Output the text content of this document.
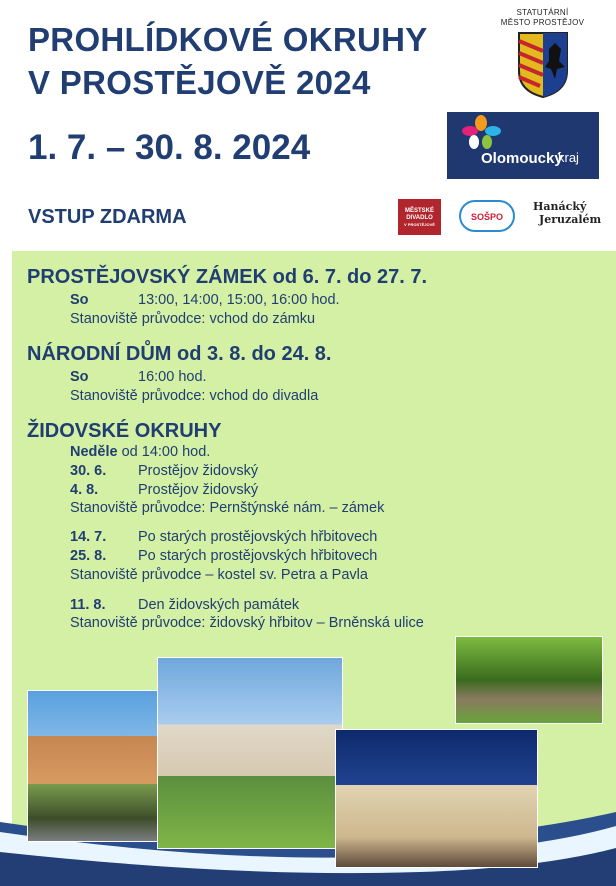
PROHLÍDKOVÉ OKRUHY
V PROSTĚJOVĚ 2024
1. 7. – 30. 8. 2024
VSTUP ZDARMA
STATUTÁRNÍ
MĚSTO PROSTĚJOV
Olomoucký
kraj
MĚSTSKÉ
DIVADLO
V PROSTĚJOVĚ
SOŠPO
Hanácký
Jeruzalém
PROSTĚJOVSKÝ ZÁMEK od 6. 7. do 27. 7.
So	13:00, 14:00, 15:00, 16:00 hod.
Stanoviště průvodce: vchod do zámku
NÁRODNÍ DŮM od 3. 8. do 24. 8.
So	16:00 hod.
Stanoviště průvodce: vchod do divadla
ŽIDOVSKÉ OKRUHY
Neděle od 14:00 hod.
30. 6. Prostějov židovský
4. 8.	Prostějov židovský
Stanoviště průvodce: Pernštýnské nám. – zámek
14. 7. Po starých prostějovských hřbitovech
25. 8. Po starých prostějovských hřbitovech
Stanoviště průvodce – kostel sv. Petra a Pavla
11. 8. Den židovských památek
Stanoviště průvodce: židovský hřbitov – Brněnská ulice
